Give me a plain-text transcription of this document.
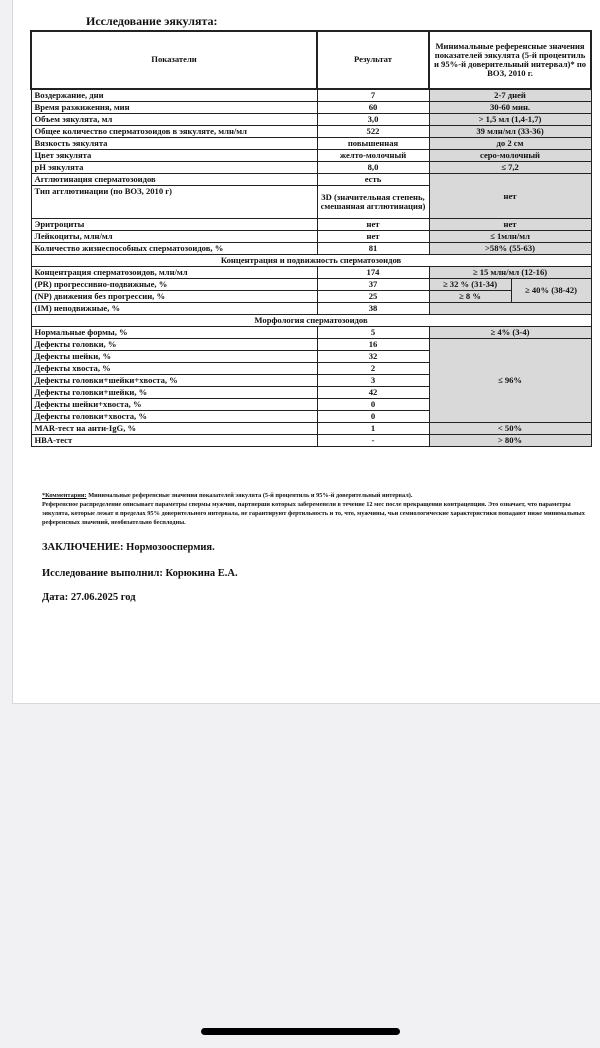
Исследование эякулята:
Показатели	Результат	Минимальные референсные значения показателей эякулята (5-й процентиль и 95%-й доверительный интервал)* по ВОЗ, 2010 г.	
Воздержание, дни	7	2-7 дней	
Время разжижения, мин	60	30-60 мин.	
Объем эякулята, мл	3,0	> 1,5 мл (1,4-1,7)	
Общее количество сперматозоидов в эякуляте, млн/мл	522	39 млн/мл (33-36)	
Вязкость эякулята	повышенная	до 2 см	
Цвет эякулята	желто-молочный	серо-молочный	
pH эякулята	8,0	≤ 7,2	
Агглютинация сперматозоидов	есть	нет	
Тип агглютинации (по ВОЗ, 2010 г)	3D (значительная степень, смешанная агглютинация)		
Эритроциты	нет	нет	
Лейкоциты, млн/мл	нет	≤ 1млн/мл	
Количество жизнеспособных сперматозоидов, %	81	>58% (55-63)	
Концентрация и подвижность сперматозоидов			
Концентрация сперматозоидов, млн/мл	174	≥ 15 млн/мл (12-16)	
(PR) прогрессивно-подвижные, %	37	≥ 32 % (31-34)	≥ 40% (38-42)
(NP) движения без прогрессии, %	25	≥ 8 %	
(IM) неподвижные, %	38		
Морфология сперматозоидов			
Нормальные формы, %	5	≥ 4% (3-4)	
Дефекты головки, %	16	≤ 96%	
Дефекты шейки, %	32		
Дефекты хвоста, %	2		
Дефекты головки+шейки+хвоста, %	3		
Дефекты головки+шейки, %	42		
Дефекты шейки+хвоста, %	0		
Дефекты головки+хвоста, %	0		
MAR-тест на анти-IgG, %	1	< 50%	
HBA-тест	-	> 80%	
*Комментарии: Минимальные референсные значения показателей эякулята (5-й процентиль и 95%-й доверительный интервал).
Референсное распределение описывает параметры спермы мужчин, партнерши которых забеременели в течение 12 мес после прекращения контрацепции. Это означает, что параметры эякулята, которые лежат в пределах 95% доверительного интервала, не гарантируют фертильность и то, что, мужчины, чьи семиологические характеристики попадают ниже минимальных референсных значений, необязательно бесплодны.
ЗАКЛЮЧЕНИЕ: Нормозооспермия.
Исследование выполнил: Корюкина Е.А.
Дата: 27.06.2025 год
